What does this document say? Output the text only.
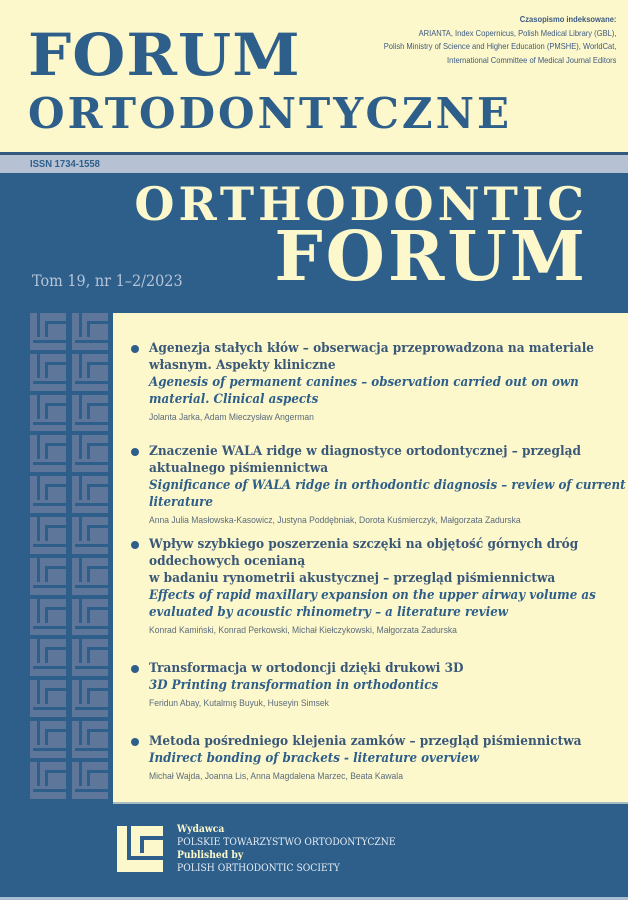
FORUM
ORTODONTYCZNE
Czasopismo indeksowane:
ARIANTA, Index Copernicus, Polish Medical Library (GBL),
Polish Ministry of Science and Higher Education (PMSHE), WorldCat,
International Committee of Medical Journal Editors
ISSN 1734-1558
ORTHODONTIC
FORUM
Tom 19, nr 1–2/2023
Agenezja stałych kłów – obserwacja przeprowadzona na materiale własnym. Aspekty kliniczne
Agenesis of permanent canines – observation carried out on own material. Clinical aspects
Jolanta Jarka, Adam Mieczysław Angerman
Znaczenie WALA ridge w diagnostyce ortodontycznej – przegląd aktualnego piśmiennictwa
Significance of WALA ridge in orthodontic diagnosis – review of current literature
Anna Julia Masłowska-Kasowicz, Justyna Poddębniak, Dorota Kuśmierczyk, Małgorzata Zadurska
Wpływ szybkiego poszerzenia szczęki na objętość górnych dróg oddechowych ocenianą
w badaniu rynometrii akustycznej – przegląd piśmiennictwa
Effects of rapid maxillary expansion on the upper airway volume as evaluated by acoustic rhinometry – a literature review
Konrad Kamiński, Konrad Perkowski, Michał Kiełczykowski, Małgorzata Zadurska
Transformacja w ortodoncji dzięki drukowi 3D
3D Printing transformation in orthodontics
Feridun Abay, Kutalmış Buyuk, Huseyin Simsek
Metoda pośredniego klejenia zamków – przegląd piśmiennictwa
Indirect bonding of brackets - literature overview
Michał Wajda, Joanna Lis, Anna Magdalena Marzec, Beata Kawala
Wydawca
POLSKIE TOWARZYSTWO ORTODONTYCZNE
Published by
POLISH ORTHODONTIC SOCIETY
